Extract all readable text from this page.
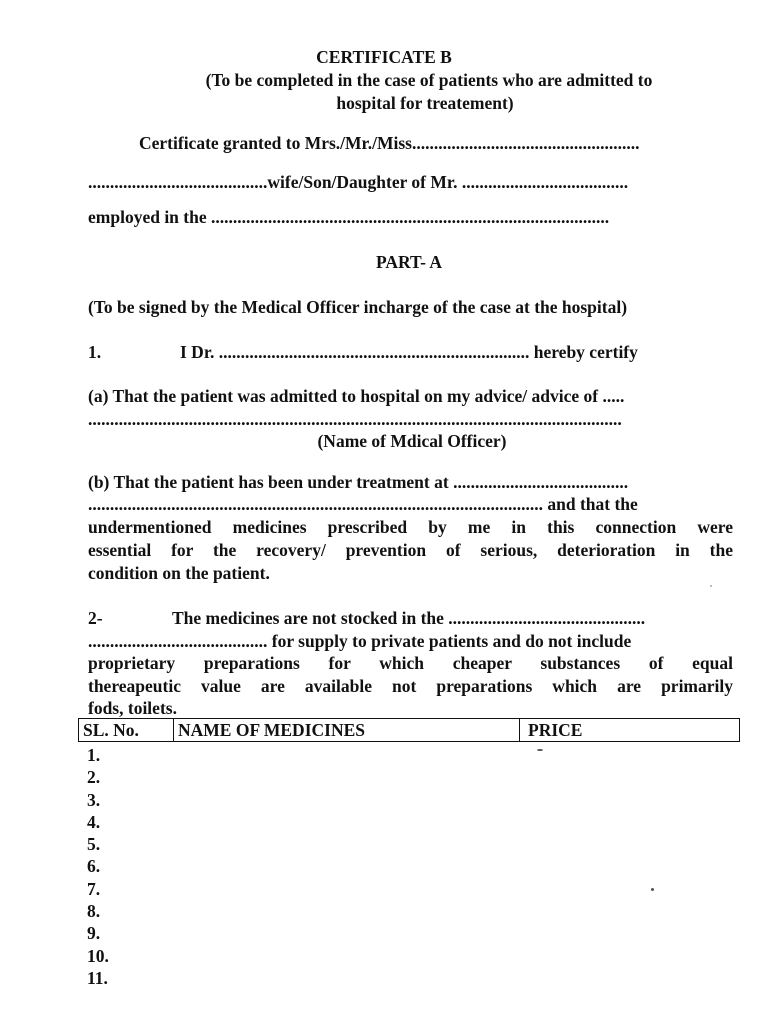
CERTIFICATE B
(To be completed in the case of patients who are admitted to
hospital for treatement)
Certificate granted to Mrs./Mr./Miss....................................................
.........................................wife/Son/Daughter of Mr. ......................................
employed in the ...........................................................................................
PART- A
(To be signed by the Medical Officer incharge of the case at the hospital)
1.	I Dr. ....................................................................... hereby certify
(a) That the patient was admitted to hospital on my advice/ advice of .....
..........................................................................................................................
(Name of Mdical Officer)
(b) That the patient has been under treatment at ........................................
........................................................................................................ and that the
undermentioned medicines prescribed by me in this connection were
essential for the recovery/ prevention of serious, deterioration in the
condition on the patient.
2-	The medicines are not stocked in the .............................................
......................................... for supply to private patients and do not include
proprietary preparations for which cheaper substances of equal
thereapeutic value are available not preparations which are primarily
fods, toilets.
SL. No.	NAME OF MEDICINES	PRICE
1.
2.
3.
4.
5.
6.
7.
8.
9.
10.
11.
